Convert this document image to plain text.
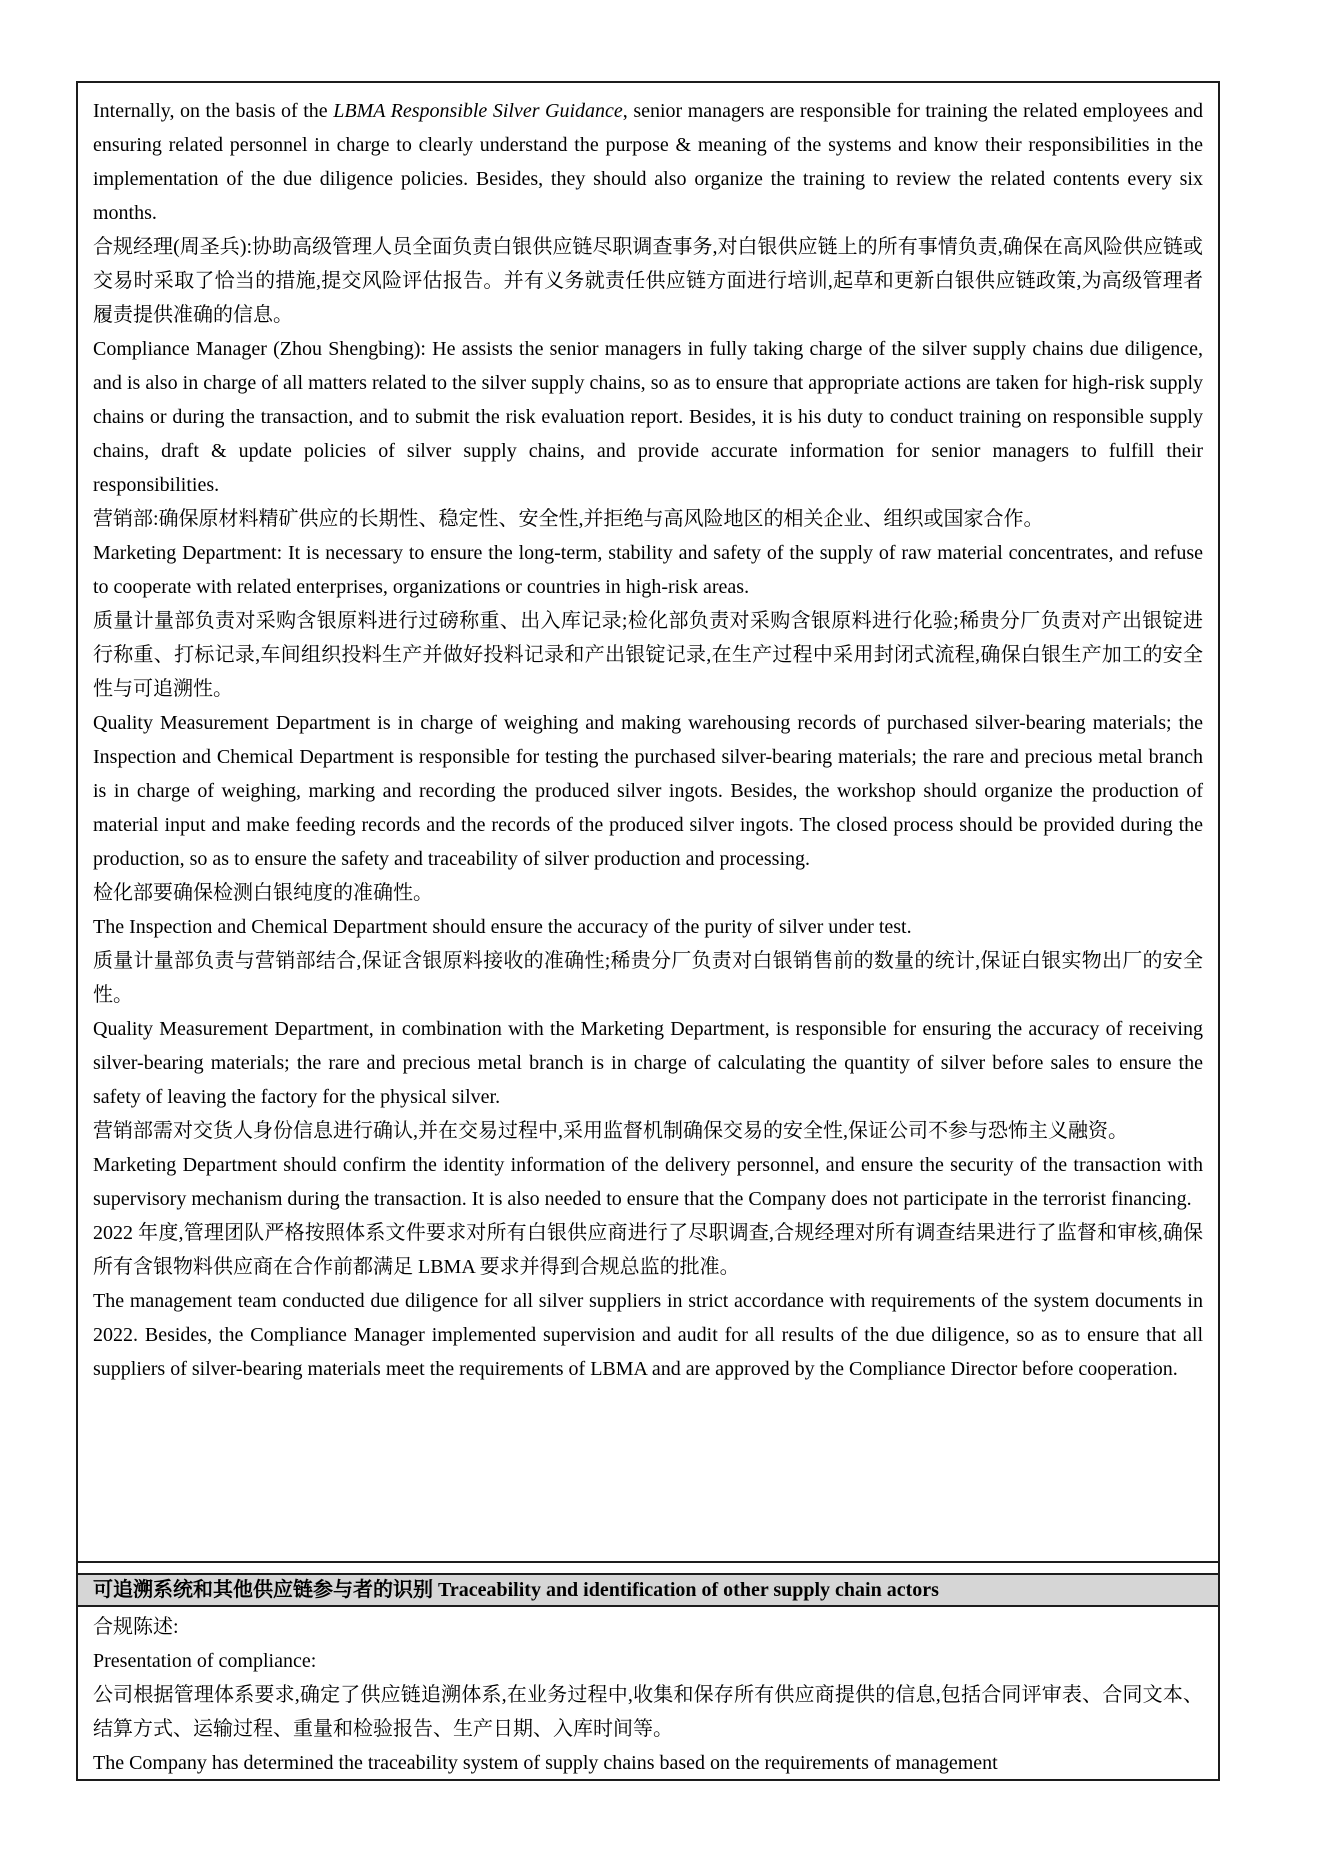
Internally, on the basis of the LBMA Responsible Silver Guidance, senior managers are responsible for training the related employees and ensuring related personnel in charge to clearly understand the purpose & meaning of the systems and know their responsibilities in the implementation of the due diligence policies. Besides, they should also organize the training to review the related contents every six months.

合规经理(周圣兵):协助高级管理人员全面负责白银供应链尽职调查事务,对白银供应链上的所有事情负责,确保在高风险供应链或交易时采取了恰当的措施,提交风险评估报告。并有义务就责任供应链方面进行培训,起草和更新白银供应链政策,为高级管理者履责提供准确的信息。

Compliance Manager (Zhou Shengbing): He assists the senior managers in fully taking charge of the silver supply chains due diligence, and is also in charge of all matters related to the silver supply chains, so as to ensure that appropriate actions are taken for high-risk supply chains or during the transaction, and to submit the risk evaluation report. Besides, it is his duty to conduct training on responsible supply chains, draft & update policies of silver supply chains, and provide accurate information for senior managers to fulfill their responsibilities.

营销部:确保原材料精矿供应的长期性、稳定性、安全性,并拒绝与高风险地区的相关企业、组织或国家合作。

Marketing Department: It is necessary to ensure the long-term, stability and safety of the supply of raw material concentrates, and refuse to cooperate with related enterprises, organizations or countries in high-risk areas.

质量计量部负责对采购含银原料进行过磅称重、出入库记录;检化部负责对采购含银原料进行化验;稀贵分厂负责对产出银锭进行称重、打标记录,车间组织投料生产并做好投料记录和产出银锭记录,在生产过程中采用封闭式流程,确保白银生产加工的安全性与可追溯性。

Quality Measurement Department is in charge of weighing and making warehousing records of purchased silver-bearing materials; the Inspection and Chemical Department is responsible for testing the purchased silver-bearing materials; the rare and precious metal branch is in charge of weighing, marking and recording the produced silver ingots. Besides, the workshop should organize the production of material input and make feeding records and the records of the produced silver ingots. The closed process should be provided during the production, so as to ensure the safety and traceability of silver production and processing.

检化部要确保检测白银纯度的准确性。

The Inspection and Chemical Department should ensure the accuracy of the purity of silver under test.

质量计量部负责与营销部结合,保证含银原料接收的准确性;稀贵分厂负责对白银销售前的数量的统计,保证白银实物出厂的安全性。

Quality Measurement Department, in combination with the Marketing Department, is responsible for ensuring the accuracy of receiving silver-bearing materials; the rare and precious metal branch is in charge of calculating the quantity of silver before sales to ensure the safety of leaving the factory for the physical silver.

营销部需对交货人身份信息进行确认,并在交易过程中,采用监督机制确保交易的安全性,保证公司不参与恐怖主义融资。

Marketing Department should confirm the identity information of the delivery personnel, and ensure the security of the transaction with supervisory mechanism during the transaction. It is also needed to ensure that the Company does not participate in the terrorist financing.

2022 年度,管理团队严格按照体系文件要求对所有白银供应商进行了尽职调查,合规经理对所有调查结果进行了监督和审核,确保所有含银物料供应商在合作前都满足 LBMA 要求并得到合规总监的批准。

The management team conducted due diligence for all silver suppliers in strict accordance with requirements of the system documents in 2022. Besides, the Compliance Manager implemented supervision and audit for all results of the due diligence, so as to ensure that all suppliers of silver-bearing materials meet the requirements of LBMA and are approved by the Compliance Director before cooperation.

可追溯系统和其他供应链参与者的识别 Traceability and identification of other supply chain actors

合规陈述:

Presentation of compliance:

公司根据管理体系要求,确定了供应链追溯体系,在业务过程中,收集和保存所有供应商提供的信息,包括合同评审表、合同文本、结算方式、运输过程、重量和检验报告、生产日期、入库时间等。

The Company has determined the traceability system of supply chains based on the requirements of management
